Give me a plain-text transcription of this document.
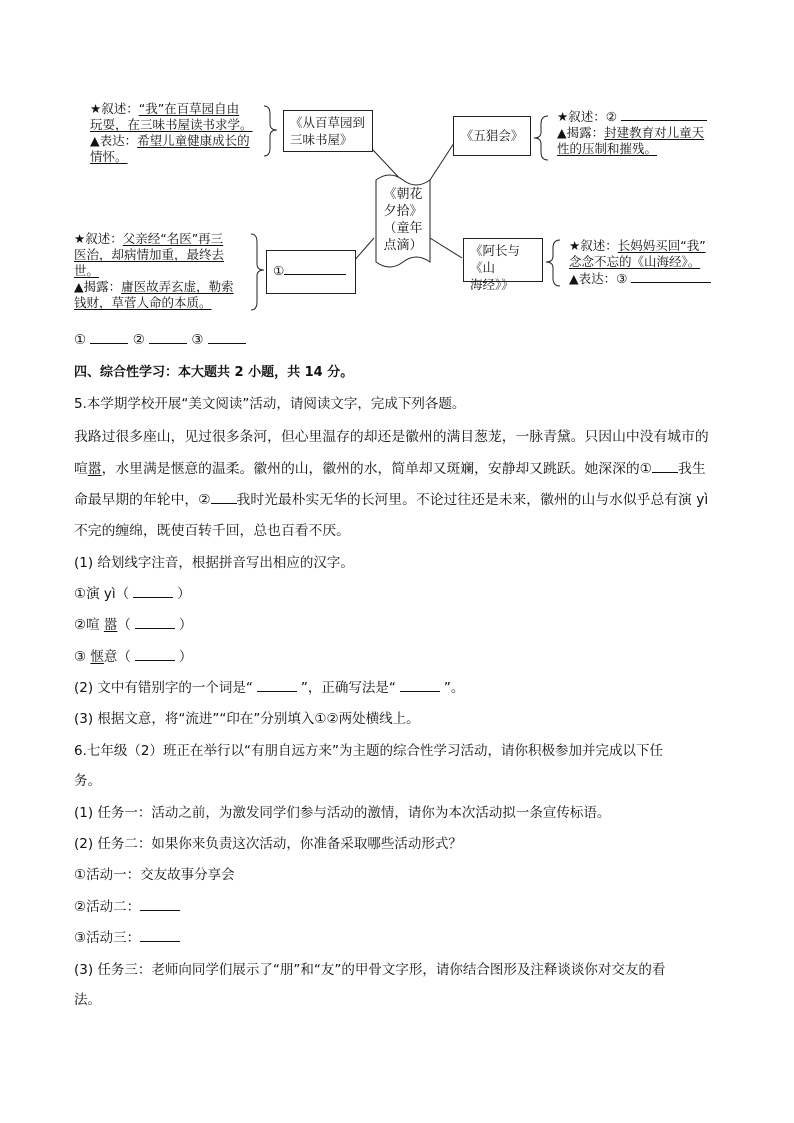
《朝花
夕拾》
（童年
点滴）
《从百草园到
三味书屋》	《五猖会》
《阿长与《山
海经》》
①
★叙述：“我”在百草园自由
玩耍，在三味书屋读书求学。
▲表达：希望儿童健康成长的
情怀。
★叙述：②
▲揭露：封建教育对儿童天
性的压制和摧残。
★叙述：父亲经“名医”再三
医治，却病情加重，最终去
世。
▲揭露：庸医故弄玄虚，勒索
钱财，草菅人命的本质。
★叙述：长妈妈买回“我”
念念不忘的《山海经》。
▲表达：③
①	②	③
四、综合性学习：本大题共 2 小题，共 14 分。
5.本学期学校开展“美文阅读”活动，请阅读文字，完成下列各题。
我路过很多座山，见过很多条河，但心里温存的却还是徽州的满目葱茏，一脉青黛。只因山中没有城市的
喧嚣，水里满是惬意的温柔。徽州的山，徽州的水，简单却又斑斓，安静却又跳跃。她深深的① 我生
命最早期的年轮中，② 我时光最朴实无华的长河里。不论过往还是未来，徽州的山与水似乎总有演 yì
不完的缠绵，既使百转千回，总也百看不厌。
(1) 给划线字注音，根据拼音写出相应的汉字。
①演 yì（	）
②喧 嚣（	）
③ 惬意（	）
(2) 文中有错别字的一个词是“	”，正确写法是“	”。
(3) 根据文意，将“流进”“印在”分别填入①②两处横线上。
6.七年级（2）班正在举行以“有朋自远方来”为主题的综合性学习活动，请你积极参加并完成以下任
务。
(1) 任务一：活动之前，为激发同学们参与活动的激情，请你为本次活动拟一条宣传标语。
(2) 任务二：如果你来负责这次活动，你准备采取哪些活动形式？
①活动一：交友故事分享会
②活动二：
③活动三：
(3) 任务三：老师向同学们展示了“朋”和“友”的甲骨文字形，请你结合图形及注释谈谈你对交友的看
法。
